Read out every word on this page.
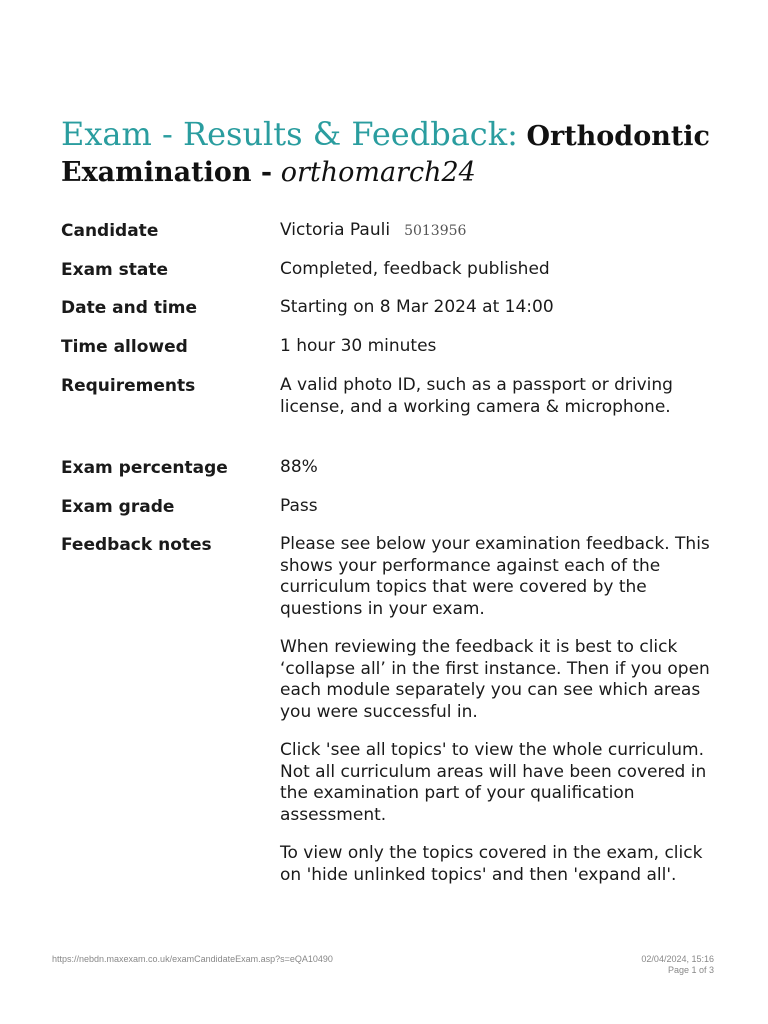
Exam - Results & Feedback: Orthodontic Examination - orthomarch24
Candidate	Victoria Pauli 5013956
Exam state	Completed, feedback published
Date and time	Starting on 8 Mar 2024 at 14:00
Time allowed	1 hour 30 minutes
Requirements	A valid photo ID, such as a passport or driving license, and a working camera & microphone.
Exam percentage	88%
Exam grade	Pass
Feedback notes	Please see below your examination feedback. This shows your performance against each of the curriculum topics that were covered by the questions in your exam.

When reviewing the feedback it is best to click ‘collapse all’ in the first instance. Then if you open each module separately you can see which areas you were successful in.

Click 'see all topics' to view the whole curriculum. Not all curriculum areas will have been covered in the examination part of your qualification assessment.

To view only the topics covered in the exam, click on 'hide unlinked topics' and then 'expand all'.

https://nebdn.maxexam.co.uk/examCandidateExam.asp?s=eQA10490	02/04/2024, 15:16
Page 1 of 3
